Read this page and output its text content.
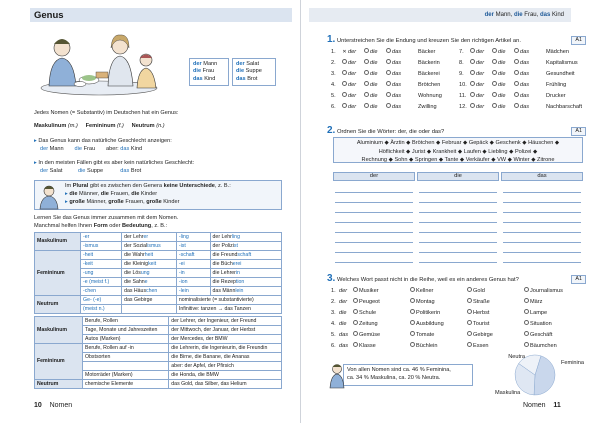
Genus
der Mann
die Frau
das Kind
der Salat
die Suppe
das Brot
Jedes Nomen (= Substantiv) im Deutschen hat ein Genus:
Maskulinum (m.) Femininum (f.) Neutrum (n.)
▸ Das Genus kann das natürliche Geschlecht anzeigen:
der Mann die Frau aber: das Kind
▸ In den meisten Fällen gibt es aber kein natürliches Geschlecht:
der Salat	die Suppe	das Brot
Im Plural gibt es zwischen den Genera keine Unterschiede, z. B.:
▸ die Männer, die Frauen, die Kinder
▸ große Männer, große Frauen, große Kinder
Lernen Sie das Genus immer zusammen mit dem Nomen.
Manchmal helfen Ihnen Form oder Bedeutung, z. B.:
Maskulinum	-er	der Lehrer	-ling	der Lehrling
	-ismus	der Sozialismus	-ist	der Polizist
Femininum	-heit	die Wahrheit	-schaft	die Freundschaft
	-keit	die Kleinigkeit	-ei	die Bücherei
	-ung	die Lösung	-in	die Lehrerin
	-e (meist f.)	die Sahne	-ion	die Rezeption
	-chen	das Häuschen	-lein	das Männlein
Neutrum	Ge- (-e)	das Gebirge	nominalisierte (= substantivierte)	
	(meist n.)		Infinitive: tanzen → das Tanzen	
Maskulinum	Berufe, Rollen	der Lehrer, der Ingenieur, der Freund
	Tage, Monate und Jahreszeiten	der Mittwoch, der Januar, der Herbst
	Autos (Marken)	der Mercedes, der BMW
Femininum	Berufe, Rollen auf -in	die Lehrerin, die Ingenieurin, die Freundin
	Obstsorten	die Birne, die Banane, die Ananas
		aber: der Apfel, der Pfirsich
	Motorräder (Marken)	die Honda, die BMW
Neutrum	chemische Elemente	das Gold, das Silber, das Helium
10 Nomen
der Mann, die Frau, das Kind
1. Unterstreichen Sie die Endung und kreuzen Sie den richtigen Artikel an.	A1
1. ✕der die	das	Bäcker
2. der die	das	Bäckerin
3. der die	das	Bäckerei
4. der die	das	Brötchen
5. der die	das	Wohnung
6. der die	das	Zwilling
7. der die	das	Mädchen
8. der die	das	Kapitalismus
9. der die	das	Gesundheit
10. der die	das	Frühling
11. der die	das	Drucker
12. der die	das	Nachbarschaft
2. Ordnen Sie die Wörter: der, die oder das?	A1
Aluminium ◆ Ärztin ◆ Brötchen ◆ Februar ◆ Gepäck ◆ Geschenk ◆ Häuschen ◆
Höflichkeit ◆ Jurist ◆ Krankheit ◆ Laufen ◆ Liebling ◆ Polizei ◆
Rechnung ◆ Sohn ◆ Springen ◆ Tante ◆ Verkäufer ◆ VW ◆ Winter ◆ Zitrone
der	die	das
3. Welches Wort passt nicht in die Reihe, weil es ein anderes Genus hat?	A1
1. der Musiker	Kellner	Gold	Journalismus
2. der Peugeot	Montag	Straße	März
3. die Schule	Politikerin	Herbst	Lampe
4. die Zeitung	Ausbildung	Tourist	Situation
5. das Gemüse	Tomate	Gebirge	Geschäft
6. das Klasse	Büchlein	Essen	Bäumchen
Von allen Nomen sind ca. 46 % Feminina,
ca. 34 % Maskulina, ca. 20 % Neutra.
Feminina
Maskulina
Neutra
Nomen 11
